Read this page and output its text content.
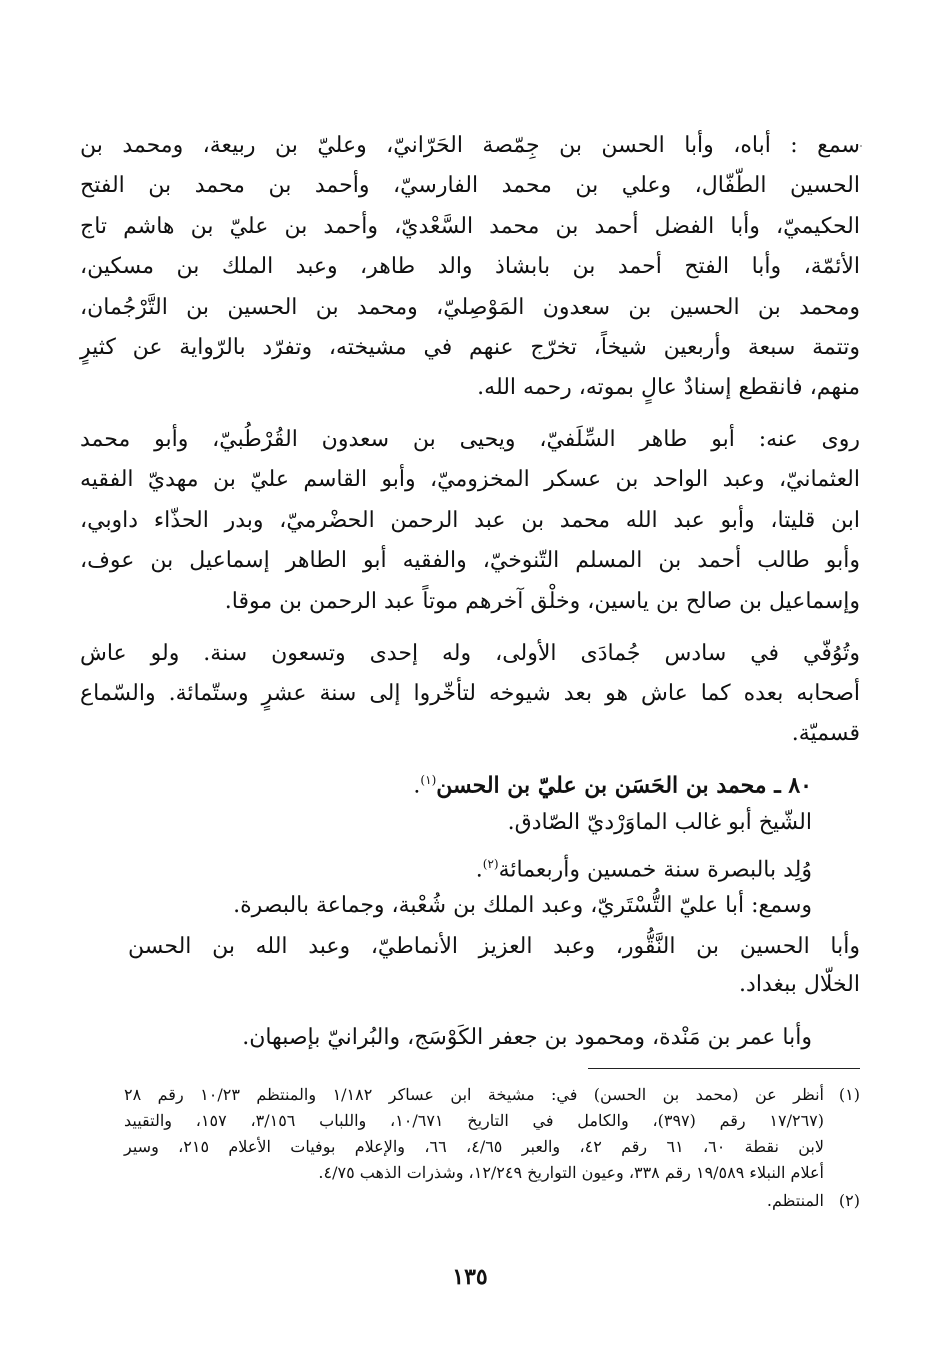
سمع : أباه، وأبا الحسن بن جِمّصة الحَرّانيّ، وعليّ بن ربيعة، ومحمد بن
الحسين الطّفّال، وعلي بن محمد الفارسيّ، وأحمد بن محمد بن الفتح
الحكيميّ، وأبا الفضل أحمد بن محمد السَّعْديّ، وأحمد بن عليّ بن هاشم تاج
الأئمّة، وأبا الفتح أحمد بن بابشاذ والد طاهر، وعبد الملك بن مسكين،
ومحمد بن الحسين بن سعدون المَوْصِليّ، ومحمد بن الحسين بن التَّرْجُمان،
وتتمة سبعة وأربعين شيخاً، تخرّج عنهم في مشيخته، وتفرّد بالرّواية عن كثيرٍ
منهم، فانقطع إسنادٌ عالٍ بموته، رحمه الله.
روى عنه: أبو طاهر السِّلَفيّ، ويحيى بن سعدون القُرْطُبيّ، وأبو محمد
العثمانيّ، وعبد الواحد بن عسكر المخزوميّ، وأبو القاسم عليّ بن مهديّ الفقيه
ابن قليتا، وأبو عبد الله محمد بن عبد الرحمن الحضْرميّ، وبدر الحذّاء داوبي،
وأبو طالب أحمد بن المسلم التّنوخيّ، والفقيه أبو الطاهر إسماعيل بن عوف،
وإسماعيل بن صالح بن ياسين، وخلْق آخرهم موتاً عبد الرحمن بن موقا.
وتُوُفّي في سادس جُمادَى الأولى، وله إحدى وتسعون سنة. ولو عاش
أصحابه بعده كما عاش هو بعد شيوخه لتأخّروا إلى سنة عشرٍ وستّمائة. والسّماع
قسميّة.
٨٠ ـ محمد بن الحَسَن بن عليّ بن الحسن$^{(١)}$.
الشّيخ أبو غالب الماوَرْديّ الصّادق.
وُلِد بالبصرة سنة خمسين وأربعمائة$^{(٢)}$.
وسمع: أبا عليّ التُّسْتَريّ، وعبد الملك بن شُعْبة، وجماعة بالبصرة.
وأبا الحسين بن النَّقُّور، وعبد العزيز الأنماطيّ، وعبد الله بن الحسن
الخلّال ببغداد.
وأبا عمر بن مَنْدة، ومحمود بن جعفر الكَوْسَج، والبُرانيّ بإصبهان.
(١)أنظر عن (محمد بن الحسن) في: مشيخة ابن عساكر ١/١٨٢ والمنتظم ١٠/٢٣ رقم ٢٨
(١٧/٢٦٧ رقم (٣٩٧)، والكامل في التاريخ ١٠/٦٧١، واللباب ٣/١٥٦، ١٥٧، والتقييد
لابن نقطة ٦٠، ٦١ رقم ٤٢، والعبر ٤/٦٥، ٦٦، والإعلام بوفيات الأعلام ٢١٥، وسير
أعلام النبلاء ١٩/٥٨٩ رقم ٣٣٨، وعيون التواريخ ١٢/٢٤٩، وشذرات الذهب ٤/٧٥.
(٢)المنتظم.
١٣٥
